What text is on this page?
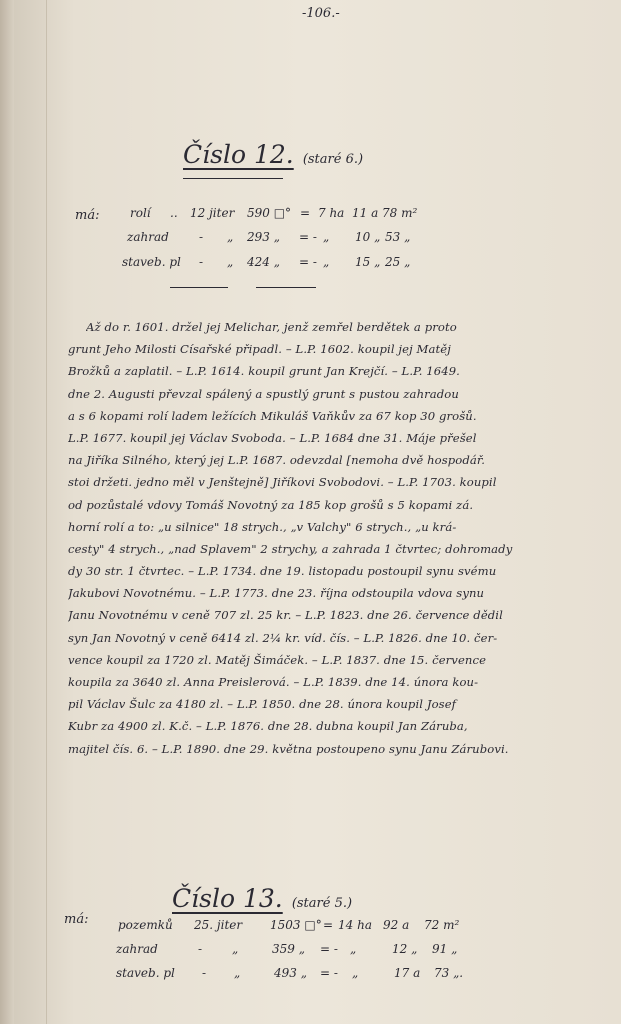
-106.-
Číslo 12. (staré 6.)
má:	rolí .. 12 jiter 590 □° = 7 ha 11 a 78 m²
zahrad	- „ 293 „ = - „ 10 „ 53 „
staveb. pl - „ 424 „ = - „ 15 „ 25 „
Až do r. 1601. držel jej Melichar, jenž zemřel berdětek a proto
grunt Jeho Milosti Císařské připadl. – L.P. 1602. koupil jej Matěj
Brožků a zaplatil. – L.P. 1614. koupil grunt Jan Krejčí. – L.P. 1649.
dne 2. Augusti převzal spálený a spustlý grunt s pustou zahradou
a s 6 kopami rolí ladem ležících Mikuláš Vaňkův za 67 kop 30 grošů.
L.P. 1677. koupil jej Václav Svoboda. – L.P. 1684 dne 31. Máje přešel
na Jiříka Silného, který jej L.P. 1687. odevzdal [nemoha dvě hospodář.
stoi držeti. jedno měl v Jenštejně] Jiříkovi Svobodovi. – L.P. 1703. koupil
od pozůstalé vdovy Tomáš Novotný za 185 kop grošů s 5 kopami zá.
horní rolí a to: „u silnice" 18 strych., „v Valchy" 6 strych., „u krá-
cesty" 4 strych., „nad Splavem" 2 strychy, a zahrada 1 čtvrtec; dohromady
dy 30 str. 1 čtvrtec. – L.P. 1734. dne 19. listopadu postoupil synu svému
Jakubovi Novotnému. – L.P. 1773. dne 23. října odstoupila vdova synu
Janu Novotnému v ceně 707 zl. 25 kr. – L.P. 1823. dne 26. července dědil
syn Jan Novotný v ceně 6414 zl. 2¼ kr. víd. čís. – L.P. 1826. dne 10. čer-
vence koupil za 1720 zl. Matěj Šimáček. – L.P. 1837. dne 15. července
koupila za 3640 zl. Anna Preislerová. – L.P. 1839. dne 14. února kou-
pil Václav Šulc za 4180 zl. – L.P. 1850. dne 28. února koupil Josef
Kubr za 4900 zl. K.č. – L.P. 1876. dne 28. dubna koupil Jan Záruba,
majitel čís. 6. – L.P. 1890. dne 29. května postoupeno synu Janu Zárubovi.
Číslo 13. (staré 5.)
má: pozemků 25. jiter 1503 □° = 14 ha 92 a 72 m²
zahrad	- „	359 „ = - „	12 „ 91 „
staveb. pl - „	493 „ = - „	17 a 73 „.
